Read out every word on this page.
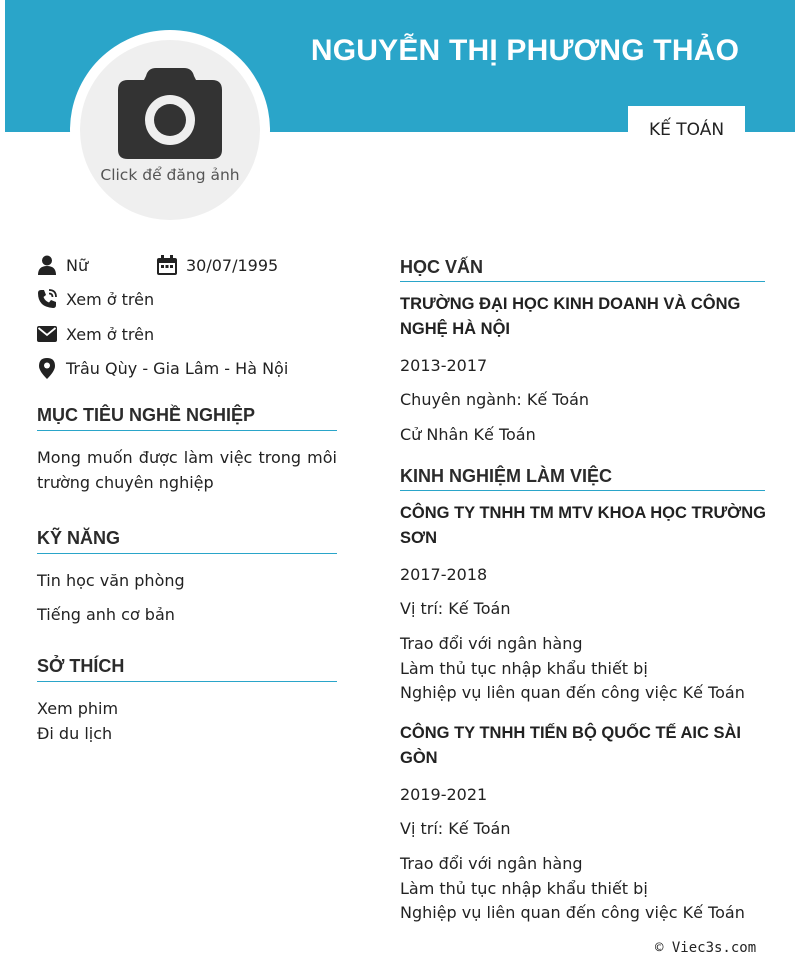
NGUYỄN THỊ PHƯƠNG THẢO
KẾ TOÁN
Click để đăng ảnh
Nữ	30/07/1995
Xem ở trên
Xem ở trên
Trâu Qùy - Gia Lâm - Hà Nội
MỤC TIÊU NGHỀ NGHIỆP
Mong muốn được làm việc trong môi trường chuyên nghiệp
KỸ NĂNG
Tin học văn phòng
Tiếng anh cơ bản
SỞ THÍCH
Xem phim
Đi du lịch
HỌC VẤN
TRƯỜNG ĐẠI HỌC KINH DOANH VÀ CÔNG
NGHỆ HÀ NỘI
2013-2017
Chuyên ngành: Kế Toán
Cử Nhân Kế Toán
KINH NGHIỆM LÀM VIỆC
CÔNG TY TNHH TM MTV KHOA HỌC TRƯỜNG
SƠN
2017-2018
Vị trí: Kế Toán
Trao đổi với ngân hàng
Làm thủ tục nhập khẩu thiết bị
Nghiệp vụ liên quan đến công việc Kế Toán
CÔNG TY TNHH TIẾN BỘ QUỐC TẾ AIC SÀI
GÒN
2019-2021
Vị trí: Kế Toán
Trao đổi với ngân hàng
Làm thủ tục nhập khẩu thiết bị
Nghiệp vụ liên quan đến công việc Kế Toán
© Viec3s.com
